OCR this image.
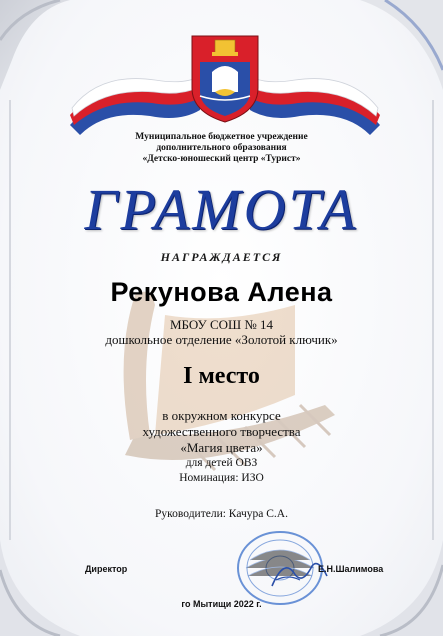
Муниципальное бюджетное учреждение
дополнительного образования
«Детско-юношеский центр «Турист»
ГРАМОТА
НАГРАЖДАЕТСЯ
Рекунова Алена
МБОУ СОШ № 14
дошкольное отделение «Золотой ключик»
I место
в окружном конкурсе
художественного творчества
«Магия цвета»
для детей ОВЗ
Номинация: ИЗО
Руководители: Качура С.А.
Директор	Е.Н.Шалимова
го Мытищи 2022 г.
